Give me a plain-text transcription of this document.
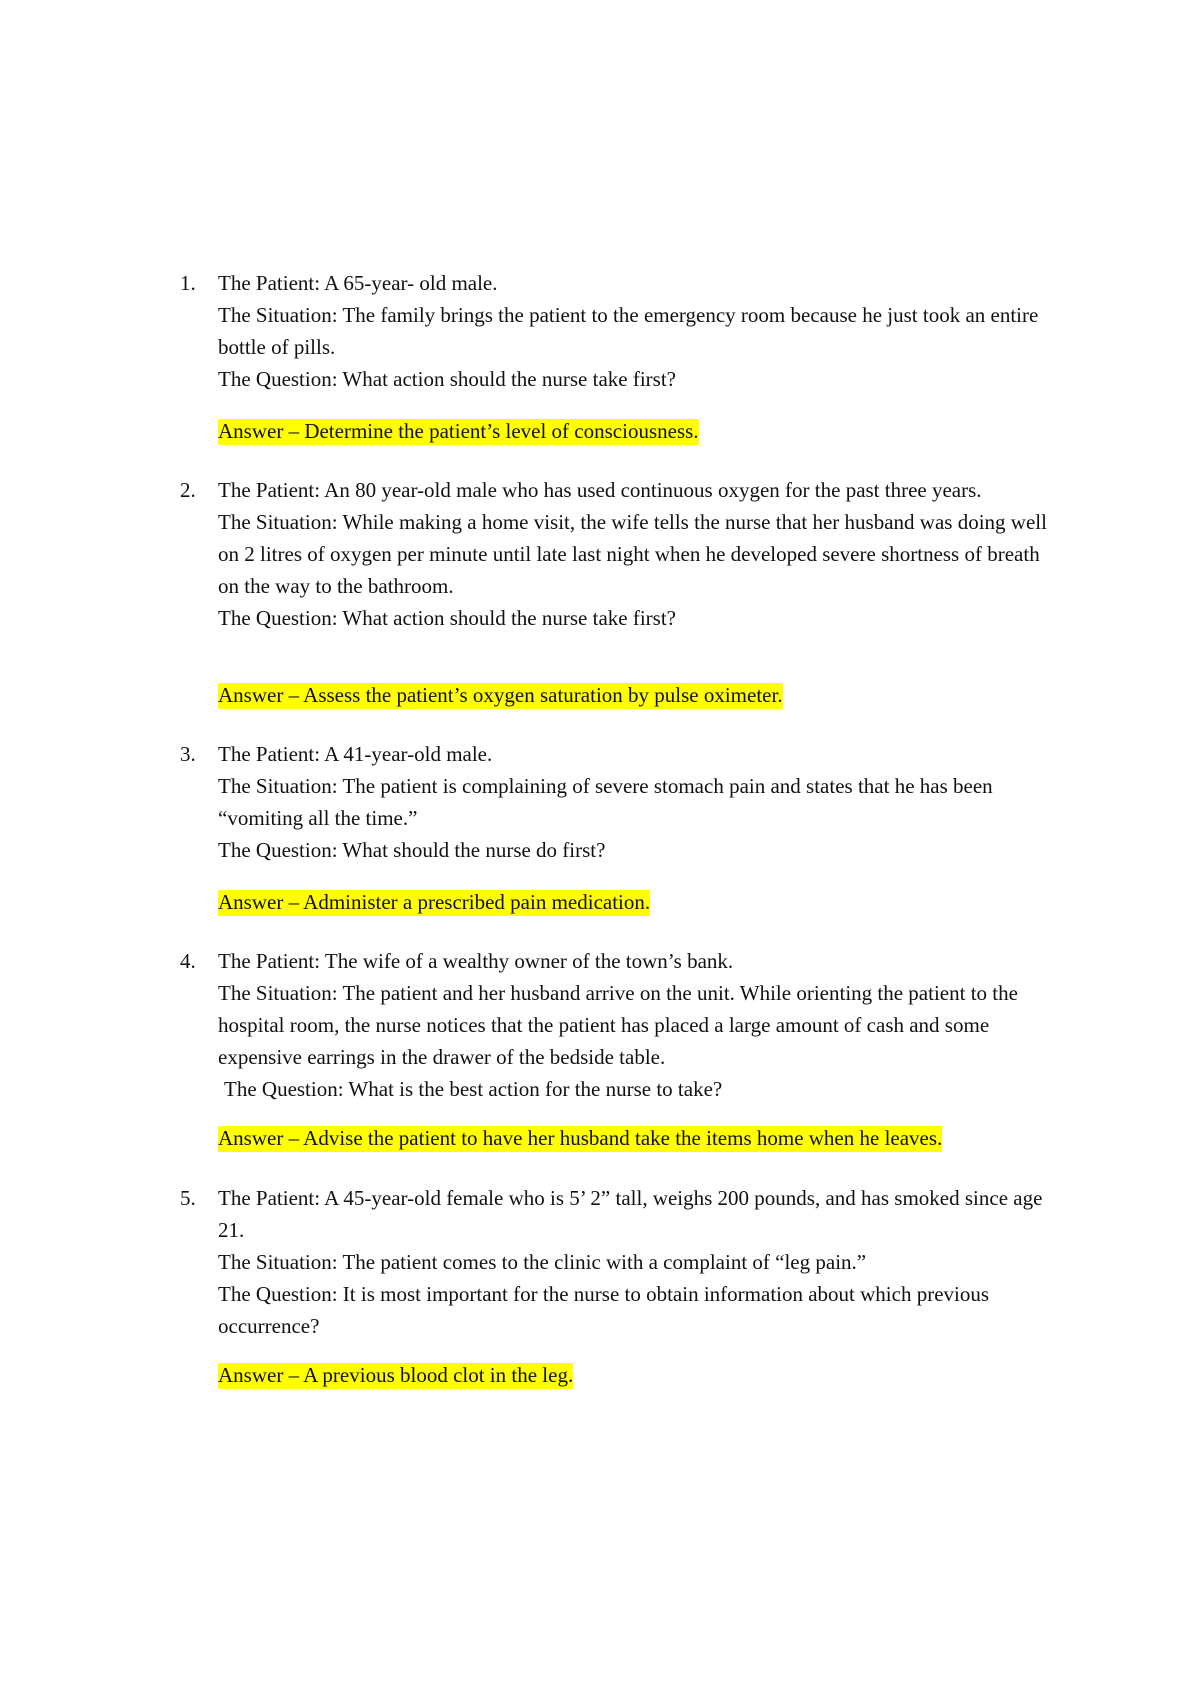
1.	The Patient: A 65-year- old male.

The Situation: The family brings the patient to the emergency room because he just took an entire bottle of pills.

The Question: What action should the nurse take first?

Answer – Determine the patient’s level of consciousness.
2.	The Patient: An 80 year-old male who has used continuous oxygen for the past three years.

The Situation: While making a home visit, the wife tells the nurse that her husband was doing well on 2 litres of oxygen per minute until late last night when he developed severe shortness of breath on the way to the bathroom.

The Question: What action should the nurse take first?

Answer – Assess the patient’s oxygen saturation by pulse oximeter.
3.	The Patient: A 41-year-old male.

The Situation: The patient is complaining of severe stomach pain and states that he has been “vomiting all the time.”

The Question: What should the nurse do first?

Answer – Administer a prescribed pain medication.
4.	The Patient: The wife of a wealthy owner of the town’s bank.

The Situation: The patient and her husband arrive on the unit. While orienting the patient to the hospital room, the nurse notices that the patient has placed a large amount of cash and some expensive earrings in the drawer of the bedside table.

The Question: What is the best action for the nurse to take?

Answer – Advise the patient to have her husband take the items home when he leaves.
5.	The Patient: A 45-year-old female who is 5’ 2” tall, weighs 200 pounds, and has smoked since age 21.

The Situation: The patient comes to the clinic with a complaint of “leg pain.”

The Question: It is most important for the nurse to obtain information about which previous occurrence?

Answer – A previous blood clot in the leg.
